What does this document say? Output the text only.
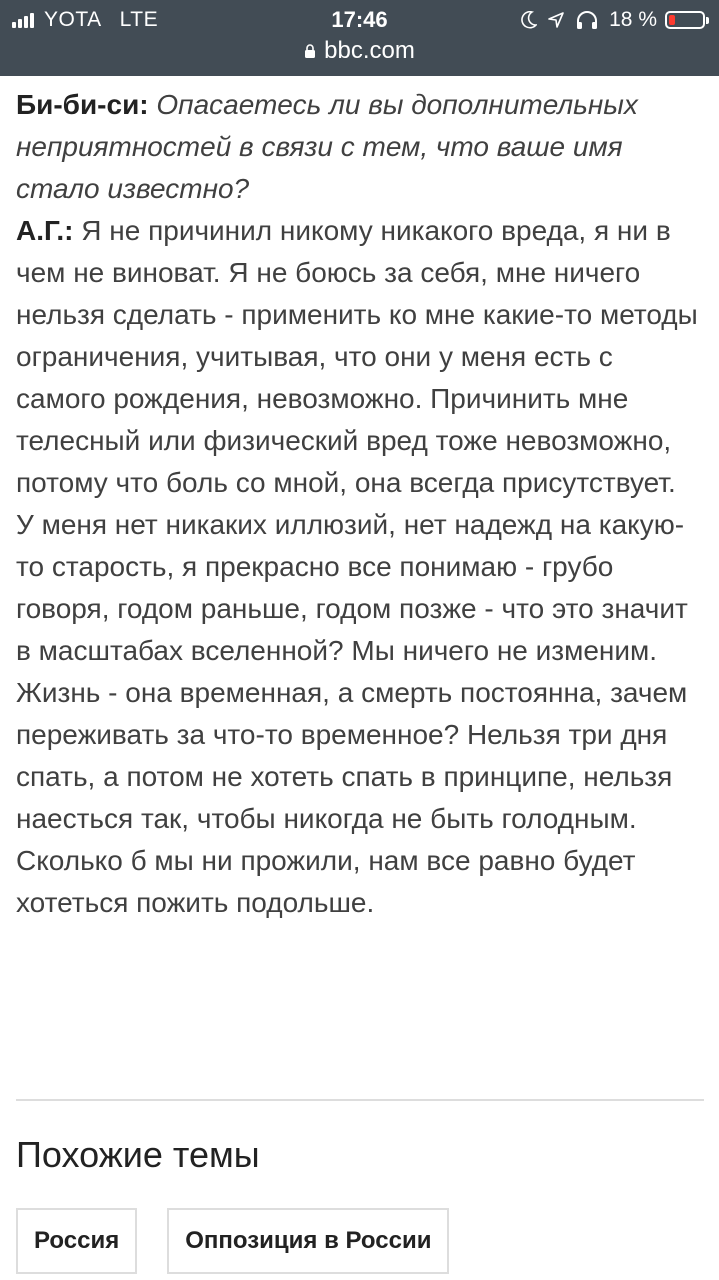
YOTA LTE	17:46	18 %
bbc.com

Би-би-си: Опасаетесь ли вы дополнительных неприятностей в связи с тем, что ваше имя стало известно?

А.Г.: Я не причинил никому никакого вреда, я ни в чем не виноват. Я не боюсь за себя, мне ничего нельзя сделать - применить ко мне какие-то методы ограничения, учитывая, что они у меня есть с самого рождения, невозможно. Причинить мне телесный или физический вред тоже невозможно, потому что боль со мной, она всегда присутствует.

У меня нет никаких иллюзий, нет надежд на какую-то старость, я прекрасно все понимаю - грубо говоря, годом раньше, годом позже - что это значит в масштабах вселенной? Мы ничего не изменим. Жизнь - она временная, а смерть постоянна, зачем переживать за что-то временное? Нельзя три дня спать, а потом не хотеть спать в принципе, нельзя наесться так, чтобы никогда не быть голодным. Сколько б мы ни прожили, нам все равно будет хотеться пожить подольше.

Похожие темы
Россия	Оппозиция в России
